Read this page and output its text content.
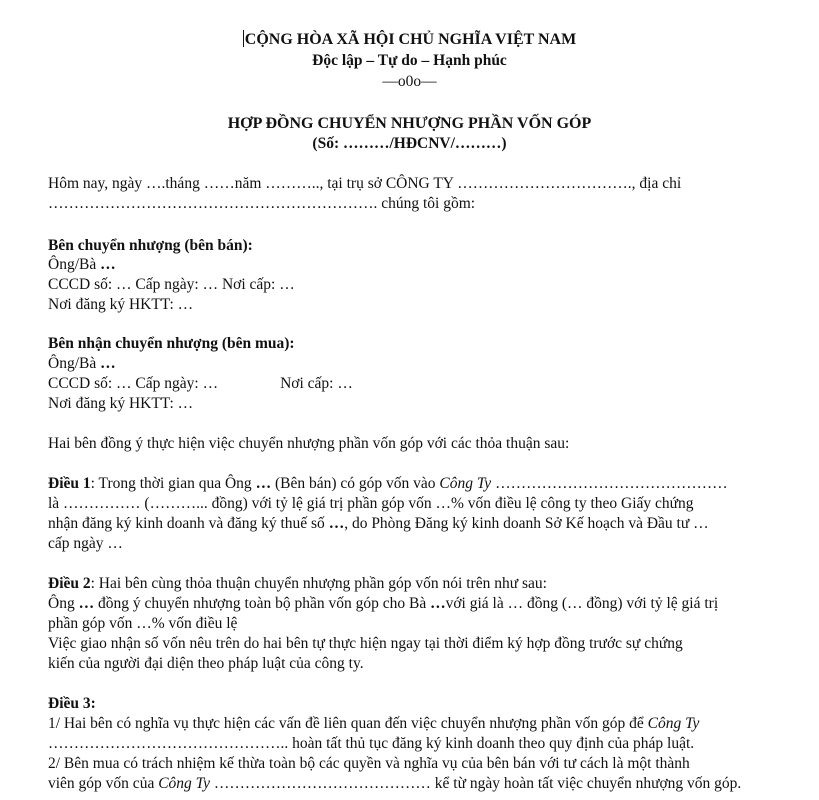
CỘNG HÒA XÃ HỘI CHỦ NGHĨA VIỆT NAM
Độc lập – Tự do – Hạnh phúc
—o0o—
HỢP ĐỒNG CHUYỂN NHƯỢNG PHẦN VỐN GÓP
(Số: ………/HĐCNV/………)
Hôm nay, ngày ….tháng ……năm ……….., tại trụ sở CÔNG TY ……………………………., địa chỉ
………………………………………………………. chúng tôi gồm:
Bên chuyển nhượng (bên bán):
Ông/Bà …
CCCD số: … Cấp ngày: … Nơi cấp: …
Nơi đăng ký HKTT: …
Bên nhận chuyển nhượng (bên mua):
Ông/Bà …
CCCD số: … Cấp ngày: …	Nơi cấp: …
Nơi đăng ký HKTT: …
Hai bên đồng ý thực hiện việc chuyển nhượng phần vốn góp với các thỏa thuận sau:
Điều 1: Trong thời gian qua Ông … (Bên bán) có góp vốn vào Công Ty ………………………………………
là …………… (………... đồng) với tỷ lệ giá trị phần góp vốn …% vốn điều lệ công ty theo Giấy chứng
nhận đăng ký kinh doanh và đăng ký thuế số …, do Phòng Đăng ký kinh doanh Sở Kế hoạch và Đầu tư …
cấp ngày …
Điều 2: Hai bên cùng thỏa thuận chuyển nhượng phần góp vốn nói trên như sau:
Ông … đồng ý chuyển nhượng toàn bộ phần vốn góp cho Bà …với giá là … đồng (… đồng) với tỷ lệ giá trị
phần góp vốn …% vốn điều lệ
Việc giao nhận số vốn nêu trên do hai bên tự thực hiện ngay tại thời điểm ký hợp đồng trước sự chứng
kiến của người đại diện theo pháp luật của công ty.
Điều 3:
1/ Hai bên có nghĩa vụ thực hiện các vấn đề liên quan đến việc chuyển nhượng phần vốn góp để Công Ty
……………………………………….. hoàn tất thủ tục đăng ký kinh doanh theo quy định của pháp luật.
2/ Bên mua có trách nhiệm kế thừa toàn bộ các quyền và nghĩa vụ của bên bán với tư cách là một thành
viên góp vốn của Công Ty …………………………………… kể từ ngày hoàn tất việc chuyển nhượng vốn góp.
